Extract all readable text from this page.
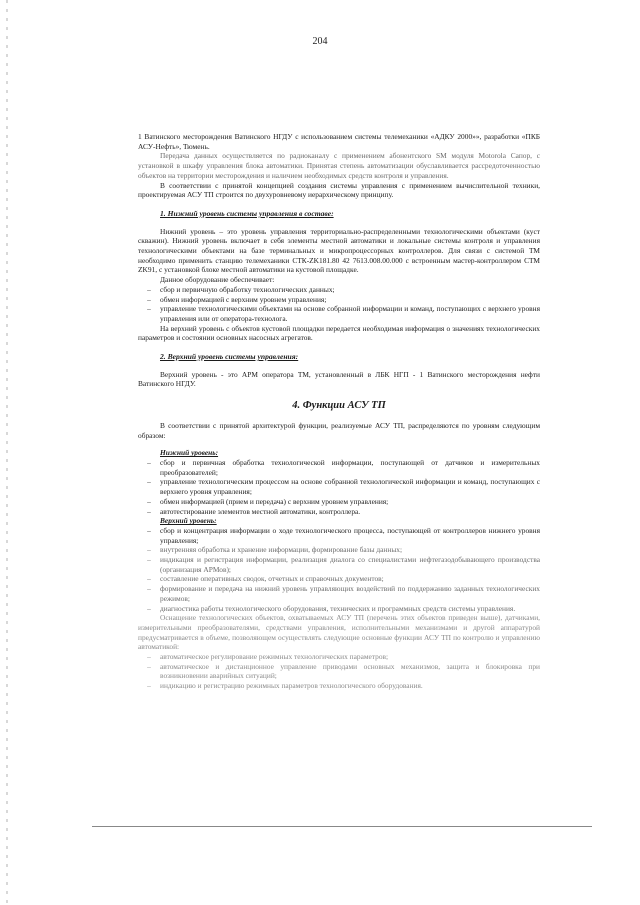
204

1 Ватинского месторождения Ватинского НГДУ с использованием системы телемеханики «АДКУ 2000»», разработки «ПКБ АСУ-Нефть», Тюмень.

Передача данных осуществляется по радиоканалу с применением абонентского SM модуля Motorola Сапор, с установкой в шкафу управления блока автоматики. Принятая степень автоматизации обуславливается рассредоточенностью объектов на территории месторождения и наличием необходимых средств контроля и управления.

В соответствии с принятой концепцией создания системы управления с применением вычислительной техники, проектируемая АСУ ТП строится по двухуровневому иерархическому принципу.

1. Нижний уровень системы управления в составе:

Нижний уровень – это уровень управления территориально-распределенными технологическими объектами (куст скважин). Нижний уровень включает в себя элементы местной автоматики и локальные системы контроля и управления технологическими объектами на базе терминальных и микропроцессорных контроллеров. Для связи с системой ТМ необходимо применить станцию телемеханики СТК-ZK181.80 42 7613.008.00.000 с встроенным мастер-контроллером СТМ ZK91, с установкой блоке местной автоматики на кустовой площадке.

Данное оборудование обеспечивает:

–	сбор и первичную обработку технологических данных;
–	обмен информацией с верхним уровнем управления;
–	управление технологическими объектами на основе собранной информации и команд, поступающих с верхнего уровня управления или от оператора-технолога.

На верхний уровень с объектов кустовой площадки передается необходимая информация о значениях технологических параметров и состоянии основных насосных агрегатов.

2. Верхний уровень системы управления:

Верхний уровень - это АРМ оператора ТМ, установленный в ЛБК НГП - 1 Ватинского месторождения нефти Ватинского НГДУ.

4. Функции АСУ ТП

В соответствии с принятой архитектурой функции, реализуемые АСУ ТП, распределяются по уровням следующим образом:

Нижний уровень:

–	сбор и первичная обработка технологической информации, поступающей от датчиков и измерительных преобразователей;
–	управление технологическим процессом на основе собранной технологической информации и команд, поступающих с верхнего уровня управления;
–	обмен информацией (прием и передача) с верхним уровнем управления;
–	автотестирование элементов местной автоматики, контроллера.

Верхний уровень:

–	сбор и концентрация информации о ходе технологического процесса, поступающей от контроллеров нижнего уровня управления;
–	внутренняя обработка и хранение информации, формирование базы данных;
–	индикация и регистрация информации, реализация диалога со специалистами нефтегазодобывающего производства (организация АРМов);
–	составление оперативных сводок, отчетных и справочных документов;
–	формирование и передача на нижний уровень управляющих воздействий по поддержанию заданных технологических режимов;
–	диагностика работы технологического оборудования, технических и программных средств системы управления.

Оснащение технологических объектов, охватываемых АСУ ТП (перечень этих объектов приведен выше), датчиками, измерительными преобразователями, средствами управления, исполнительными механизмами и другой аппаратурой предусматривается в объеме, позволяющем осуществлять следующие основные функции АСУ ТП по контролю и управлению автоматикой:

–	автоматическое регулирование режимных технологических параметров;
–	автоматическое и дистанционное управление приводами основных механизмов, защита и блокировка при возникновении аварийных ситуаций;
–	индикацию и регистрацию режимных параметров технологического оборудования.
